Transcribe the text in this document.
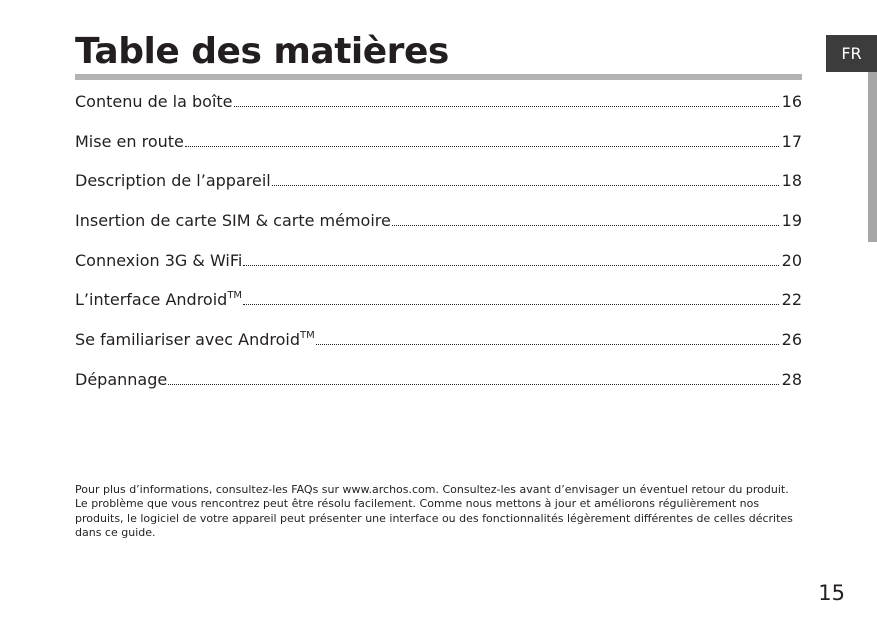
Table des matières	FR
Contenu de la boîte	16
Mise en route	17
Description de l’appareil	18
Insertion de carte SIM & carte mémoire	19
Connexion 3G & WiFi	20
L’interface Android™	22
Se familiariser avec Android™	26
Dépannage	28

Pour plus d’informations, consultez-les FAQs sur www.archos.com. Consultez-les avant d’envisager un éventuel retour du produit. Le problème que vous rencontrez peut être résolu facilement. Comme nous mettons à jour et améliorons régulièrement nos produits, le logiciel de votre appareil peut présenter une interface ou des fonctionnalités légèrement différentes de celles décrites dans ce guide.

15
